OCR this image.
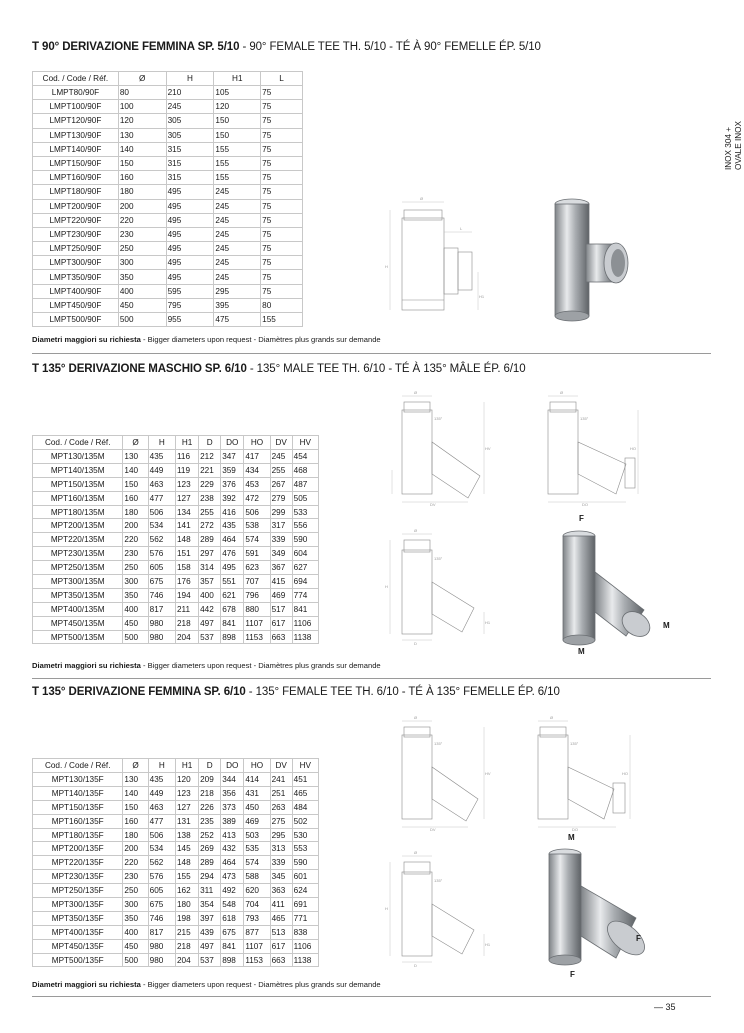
INOX 304 + OVALE INOX
T 90° DERIVAZIONE FEMMINA SP. 5/10 - 90° FEMALE TEE TH. 5/10 - TÉ À 90° FEMELLE ÉP. 5/10
Cod. / Code / Réf.	Ø	H	H1	L
LMPT80/90F	80	210	105	75
LMPT100/90F	100	245	120	75
LMPT120/90F	120	305	150	75
LMPT130/90F	130	305	150	75
LMPT140/90F	140	315	155	75
LMPT150/90F	150	315	155	75
LMPT160/90F	160	315	155	75
LMPT180/90F	180	495	245	75
LMPT200/90F	200	495	245	75
LMPT220/90F	220	495	245	75
LMPT230/90F	230	495	245	75
LMPT250/90F	250	495	245	75
LMPT300/90F	300	495	245	75
LMPT350/90F	350	495	245	75
LMPT400/90F	400	595	295	75
LMPT450/90F	450	795	395	80
LMPT500/90F	500	955	475	155
Ø
H
H1
L
Diametri maggiori su richiesta - Bigger diameters upon request - Diamètres plus grands sur demande
T 135° DERIVAZIONE MASCHIO SP. 6/10 - 135° MALE TEE TH. 6/10 - TÉ À 135° MÂLE ÉP. 6/10
Cod. / Code / Réf.	Ø	H	H1	D	DO	HO	DV	HV
MPT130/135M	130	435	116	212	347	417	245	454
MPT140/135M	140	449	119	221	359	434	255	468
MPT150/135M	150	463	123	229	376	453	267	487
MPT160/135M	160	477	127	238	392	472	279	505
MPT180/135M	180	506	134	255	416	506	299	533
MPT200/135M	200	534	141	272	435	538	317	556
MPT220/135M	220	562	148	289	464	574	339	590
MPT230/135M	230	576	151	297	476	591	349	604
MPT250/135M	250	605	158	314	495	623	367	627
MPT300/135M	300	675	176	357	551	707	415	694
MPT350/135M	350	746	194	400	621	796	469	774
MPT400/135M	400	817	211	442	678	880	517	841
MPT450/135M	450	980	218	497	841	1107	617	1106
MPT500/135M	500	980	204	537	898	1153	663	1138
Ø
135°
HV
DV
Ø
135°
HO
DO
F
Ø
135°
H
H1
D
M
M
Diametri maggiori su richiesta - Bigger diameters upon request - Diamètres plus grands sur demande
T 135° DERIVAZIONE FEMMINA SP. 6/10 - 135° FEMALE TEE TH. 6/10 - TÉ À 135° FEMELLE ÉP. 6/10
Cod. / Code / Réf.	Ø	H	H1	D	DO	HO	DV	HV
MPT130/135F	130	435	120	209	344	414	241	451
MPT140/135F	140	449	123	218	356	431	251	465
MPT150/135F	150	463	127	226	373	450	263	484
MPT160/135F	160	477	131	235	389	469	275	502
MPT180/135F	180	506	138	252	413	503	295	530
MPT200/135F	200	534	145	269	432	535	313	553
MPT220/135F	220	562	148	289	464	574	339	590
MPT230/135F	230	576	155	294	473	588	345	601
MPT250/135F	250	605	162	311	492	620	363	624
MPT300/135F	300	675	180	354	548	704	411	691
MPT350/135F	350	746	198	397	618	793	465	771
MPT400/135F	400	817	215	439	675	877	513	838
MPT450/135F	450	980	218	497	841	1107	617	1106
MPT500/135F	500	980	204	537	898	1153	663	1138
Ø
135°
HV
DV
Ø
135°
HO
DO
M
Ø
135°
H
H1
D
F
F
Diametri maggiori su richiesta - Bigger diameters upon request - Diamètres plus grands sur demande
— 35
